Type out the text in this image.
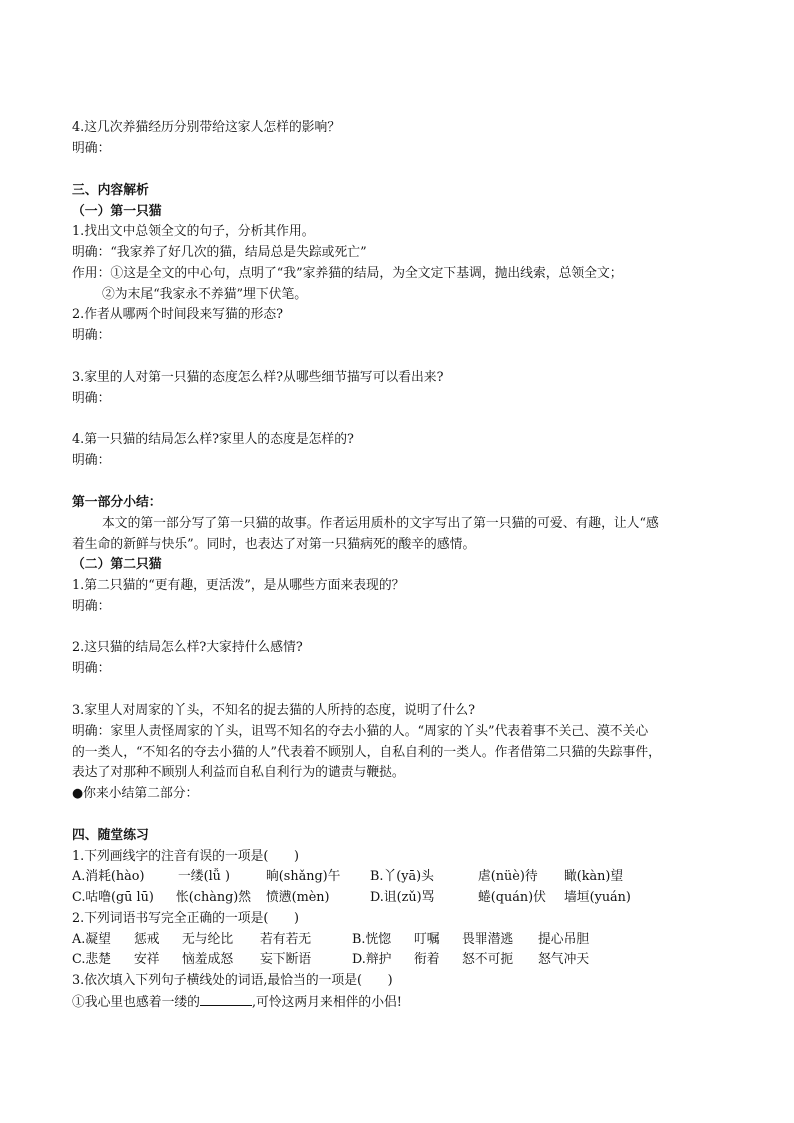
4.这几次养猫经历分别带给这家人怎样的影响？
明确：
三、内容解析
（一）第一只猫
1.找出文中总领全文的句子，分析其作用。
明确：“我家养了好几次的猫，结局总是失踪或死亡”
作用：①这是全文的中心句，点明了“我”家养猫的结局，为全文定下基调，抛出线索，总领全文；
②为末尾“我家永不养猫”埋下伏笔。
2.作者从哪两个时间段来写猫的形态?
明确：
3.家里的人对第一只猫的态度怎么样?从哪些细节描写可以看出来?
明确：
4.第一只猫的结局怎么样?家里人的态度是怎样的?
明确：
第一部分小结：
本文的第一部分写了第一只猫的故事。作者运用质朴的文字写出了第一只猫的可爱、有趣，让人“感
着生命的新鲜与快乐”。同时，也表达了对第一只猫病死的酸辛的感情。
（二）第二只猫
1.第二只猫的“更有趣，更活泼”，是从哪些方面来表现的？
明确：
2.这只猫的结局怎么样?大家持什么感情?
明确：
3.家里人对周家的丫头，不知名的捉去猫的人所持的态度，说明了什么?
明确：家里人责怪周家的丫头，诅骂不知名的夺去小猫的人。“周家的丫头”代表着事不关己、漠不关心
的一类人，“不知名的夺去小猫的人”代表着不顾别人，自私自利的一类人。作者借第二只猫的失踪事件，
表达了对那种不顾别人利益而自私自利行为的谴责与鞭挞。
●你来小结第二部分：
四、随堂练习
1.下列画线字的注音有误的一项是(　　)
A.消耗(hào)	一缕(lǚ )	晌(shǎng)午 B.丫(yā)头	虐(nüè)待 瞰(kàn)望
C.咕噜(gū lū) 怅(chàng)然 愤懑(mèn)	D.诅(zǔ)骂	蜷(quán)伏 墙垣(yuán)
2.下列词语书写完全正确的一项是(　　)
A.凝望 惩戒 无与纶比 若有若无	B.恍惚 叮嘱 畏罪潜逃 提心吊胆
C.悲楚 安祥 恼羞成怒 妄下断语	D.辩护 衔着 怒不可扼 怒气冲天
3.依次填入下列句子横线处的词语,最恰当的一项是(　　)
①我心里也感着一缕的	,可怜这两月来相伴的小侣!
